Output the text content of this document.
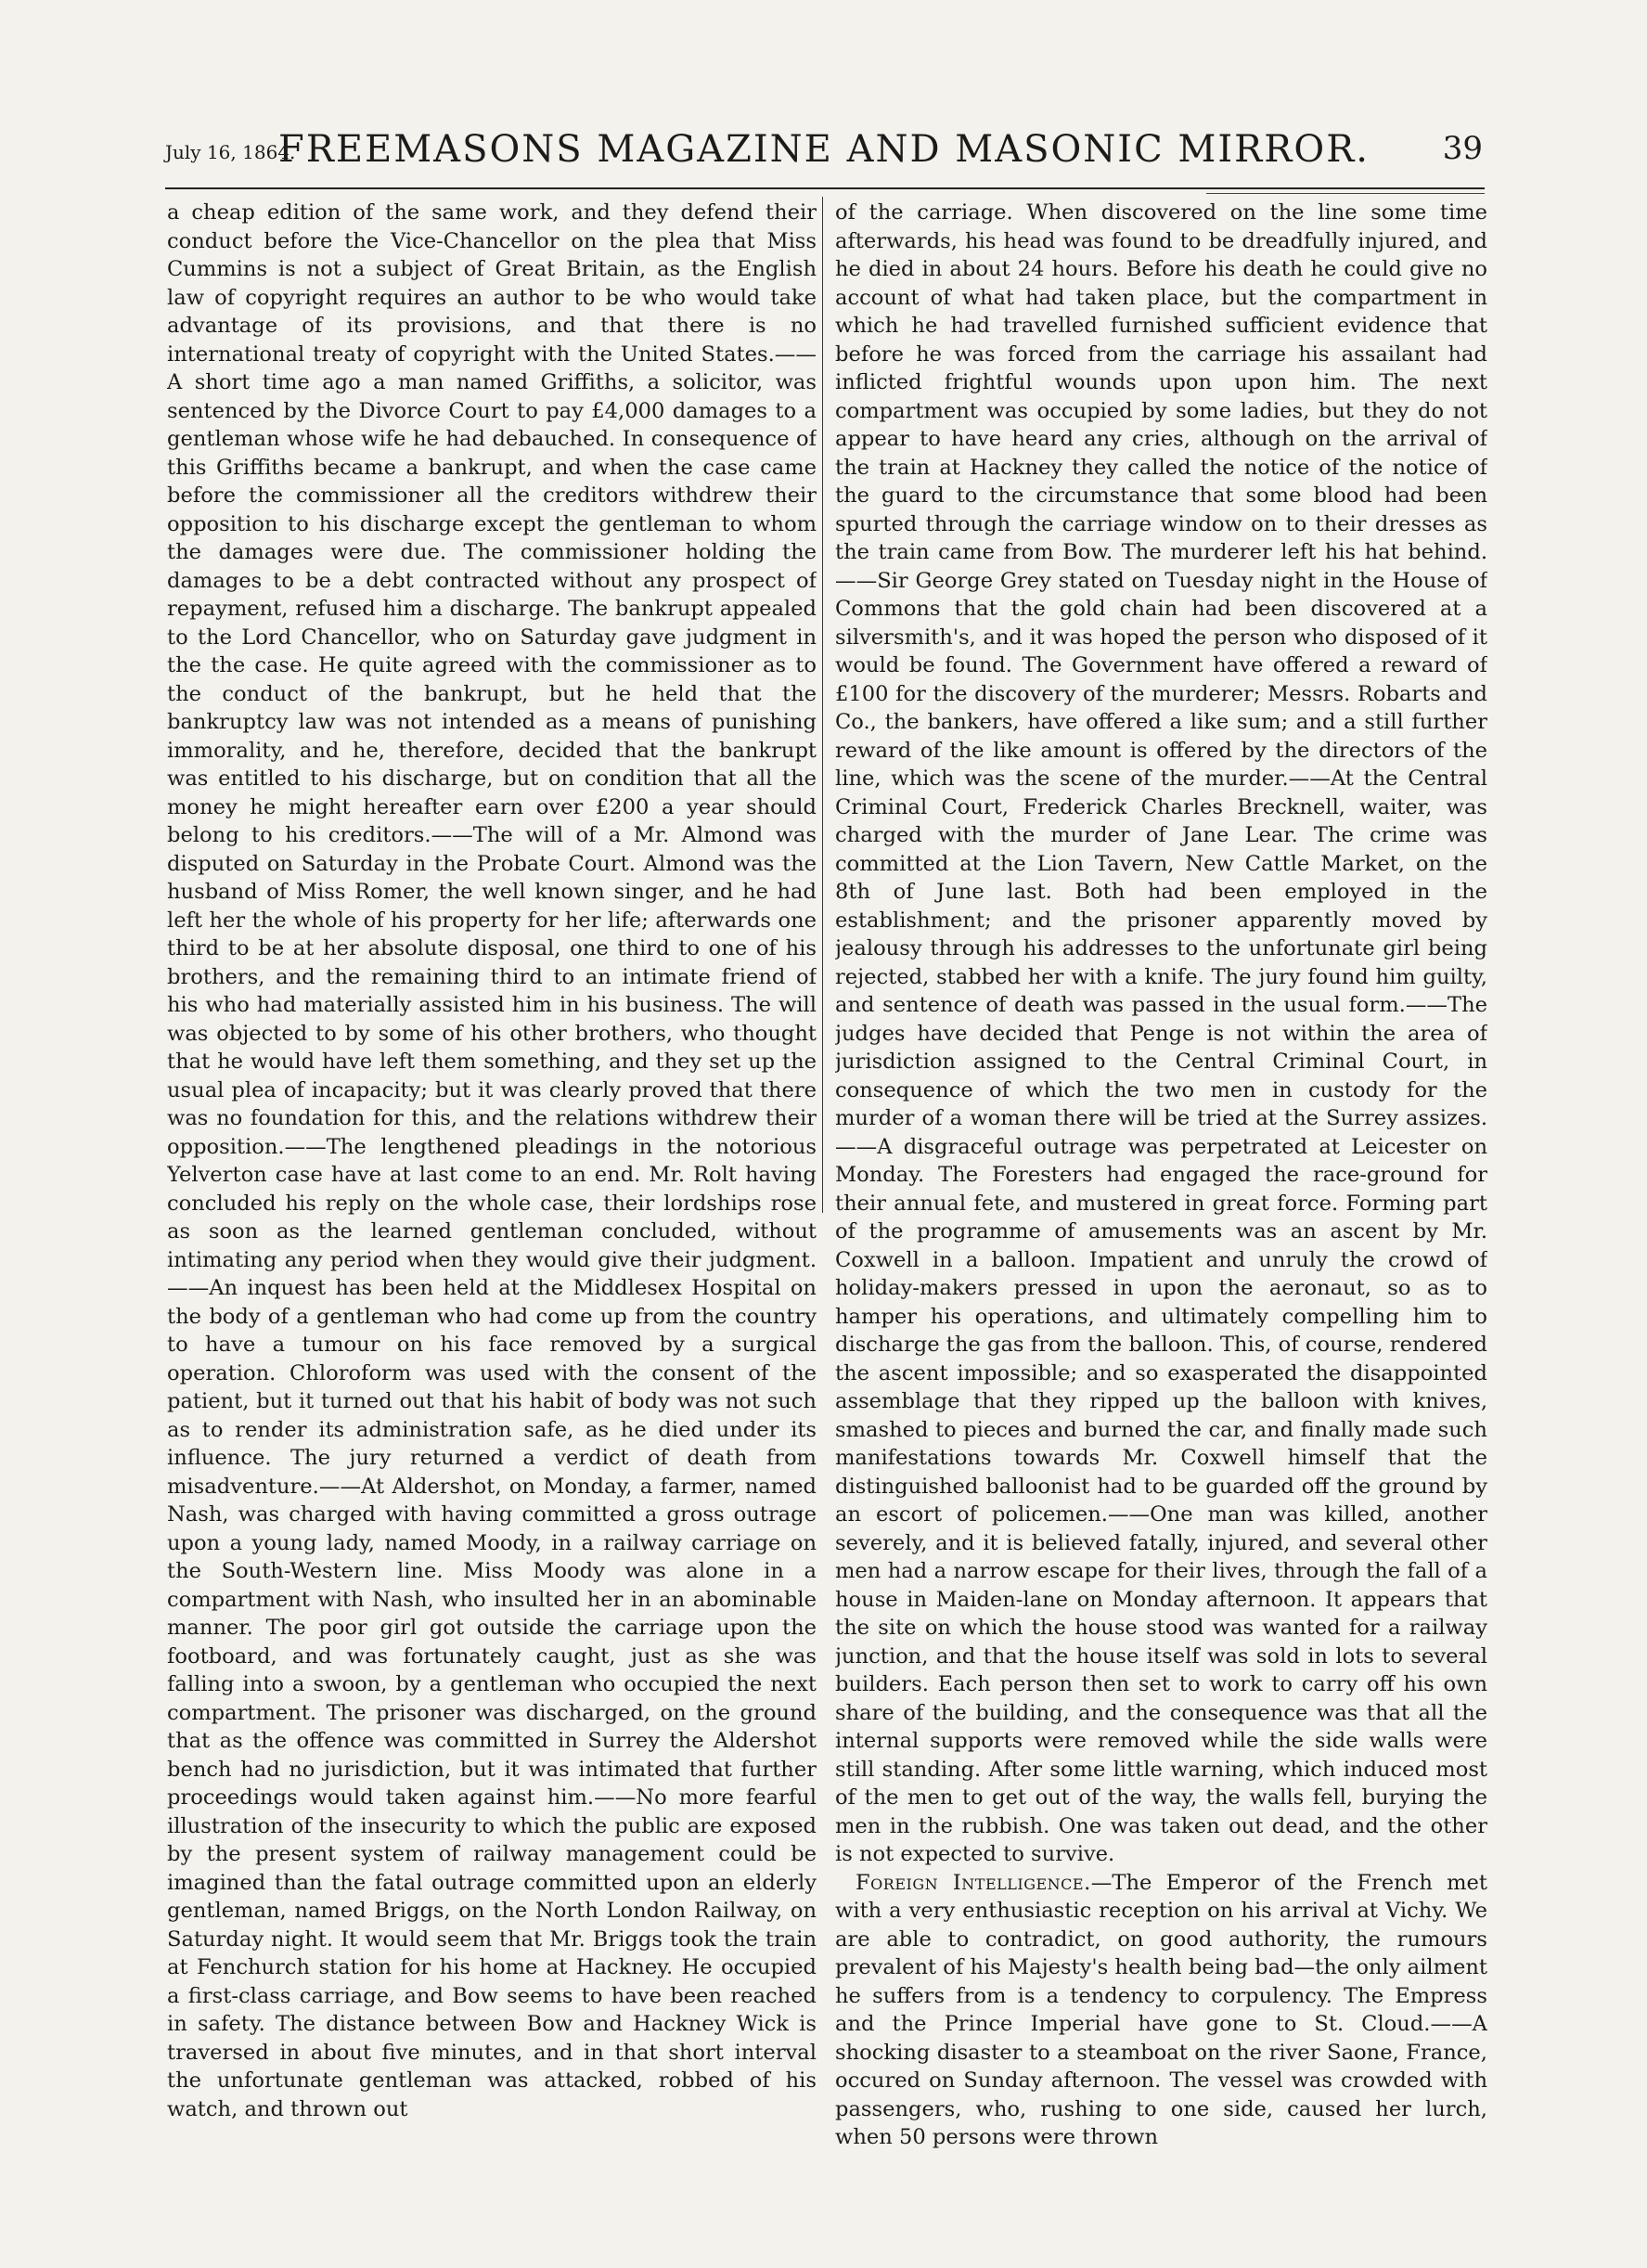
July 16, 1864.
FREEMASONS MAGAZINE AND MASONIC MIRROR.	39

a cheap edition of the same work, and they defend their conduct before the Vice-Chancellor on the plea that Miss Cummins is not a subject of Great Britain, as the English law of copyright requires an author to be who would take advantage of its provisions, and that there is no international treaty of copyright with the United States.——A short time ago a man named Griffiths, a solicitor, was sentenced by the Divorce Court to pay £4,000 damages to a gentleman whose wife he had debauched. In consequence of this Griffiths became a bankrupt, and when the case came before the commissioner all the creditors withdrew their opposition to his discharge except the gentleman to whom the damages were due. The commissioner holding the damages to be a debt contracted without any prospect of repayment, refused him a discharge. The bankrupt appealed to the Lord Chancellor, who on Saturday gave judgment in the the case. He quite agreed with the commissioner as to the conduct of the bankrupt, but he held that the bankruptcy law was not intended as a means of punishing immorality, and he, therefore, decided that the bankrupt was entitled to his discharge, but on condition that all the money he might hereafter earn over £200 a year should belong to his creditors.——The will of a Mr. Almond was disputed on Saturday in the Probate Court. Almond was the husband of Miss Romer, the well known singer, and he had left her the whole of his property for her life; afterwards one third to be at her absolute disposal, one third to one of his brothers, and the remaining third to an intimate friend of his who had materially assisted him in his business. The will was objected to by some of his other brothers, who thought that he would have left them something, and they set up the usual plea of incapacity; but it was clearly proved that there was no foundation for this, and the relations withdrew their opposition.——The lengthened pleadings in the notorious Yelverton case have at last come to an end. Mr. Rolt having concluded his reply on the whole case, their lordships rose as soon as the learned gentleman concluded, without intimating any period when they would give their judgment.——An inquest has been held at the Middlesex Hospital on the body of a gentleman who had come up from the country to have a tumour on his face removed by a surgical operation. Chloroform was used with the consent of the patient, but it turned out that his habit of body was not such as to render its administration safe, as he died under its influence. The jury returned a verdict of death from misadventure.——At Aldershot, on Monday, a farmer, named Nash, was charged with having committed a gross outrage upon a young lady, named Moody, in a railway carriage on the South-Western line. Miss Moody was alone in a compartment with Nash, who insulted her in an abominable manner. The poor girl got outside the carriage upon the footboard, and was fortunately caught, just as she was falling into a swoon, by a gentleman who occupied the next compartment. The prisoner was discharged, on the ground that as the offence was committed in Surrey the Aldershot bench had no jurisdiction, but it was intimated that further proceedings would taken against him.——No more fearful illustration of the insecurity to which the public are exposed by the present system of railway management could be imagined than the fatal outrage committed upon an elderly gentleman, named Briggs, on the North London Railway, on Saturday night. It would seem that Mr. Briggs took the train at Fenchurch station for his home at Hackney. He occupied a first-class carriage, and Bow seems to have been reached in safety. The distance between Bow and Hackney Wick is traversed in about five minutes, and in that short interval the unfortunate gentleman was attacked, robbed of his watch, and thrown out

of the carriage. When discovered on the line some time afterwards, his head was found to be dreadfully injured, and he died in about 24 hours. Before his death he could give no account of what had taken place, but the compartment in which he had travelled furnished sufficient evidence that before he was forced from the carriage his assailant had inflicted frightful wounds upon upon him. The next compartment was occupied by some ladies, but they do not appear to have heard any cries, although on the arrival of the train at Hackney they called the notice of the notice of the guard to the circumstance that some blood had been spurted through the carriage window on to their dresses as the train came from Bow. The murderer left his hat behind.——Sir George Grey stated on Tuesday night in the House of Commons that the gold chain had been discovered at a silversmith's, and it was hoped the person who disposed of it would be found. The Government have offered a reward of £100 for the discovery of the murderer; Messrs. Robarts and Co., the bankers, have offered a like sum; and a still further reward of the like amount is offered by the directors of the line, which was the scene of the murder.——At the Central Criminal Court, Frederick Charles Brecknell, waiter, was charged with the murder of Jane Lear. The crime was committed at the Lion Tavern, New Cattle Market, on the 8th of June last. Both had been employed in the establishment; and the prisoner apparently moved by jealousy through his addresses to the unfortunate girl being rejected, stabbed her with a knife. The jury found him guilty, and sentence of death was passed in the usual form.——The judges have decided that Penge is not within the area of jurisdiction assigned to the Central Criminal Court, in consequence of which the two men in custody for the murder of a woman there will be tried at the Surrey assizes.——A disgraceful outrage was perpetrated at Leicester on Monday. The Foresters had engaged the race-ground for their annual fete, and mustered in great force. Forming part of the programme of amusements was an ascent by Mr. Coxwell in a balloon. Impatient and unruly the crowd of holiday-makers pressed in upon the aeronaut, so as to hamper his operations, and ultimately compelling him to discharge the gas from the balloon. This, of course, rendered the ascent impossible; and so exasperated the disappointed assemblage that they ripped up the balloon with knives, smashed to pieces and burned the car, and finally made such manifestations towards Mr. Coxwell himself that the distinguished balloonist had to be guarded off the ground by an escort of policemen.——One man was killed, another severely, and it is believed fatally, injured, and several other men had a narrow escape for their lives, through the fall of a house in Maiden-lane on Monday afternoon. It appears that the site on which the house stood was wanted for a railway junction, and that the house itself was sold in lots to several builders. Each person then set to work to carry off his own share of the building, and the consequence was that all the internal supports were removed while the side walls were still standing. After some little warning, which induced most of the men to get out of the way, the walls fell, burying the men in the rubbish. One was taken out dead, and the other is not expected to survive.

Foreign Intelligence.—The Emperor of the French met with a very enthusiastic reception on his arrival at Vichy. We are able to contradict, on good authority, the rumours prevalent of his Majesty's health being bad—the only ailment he suffers from is a tendency to corpulency. The Empress and the Prince Imperial have gone to St. Cloud.——A shocking disaster to a steamboat on the river Saone, France, occured on Sunday afternoon. The vessel was crowded with passengers, who, rushing to one side, caused her lurch, when 50 persons were thrown
